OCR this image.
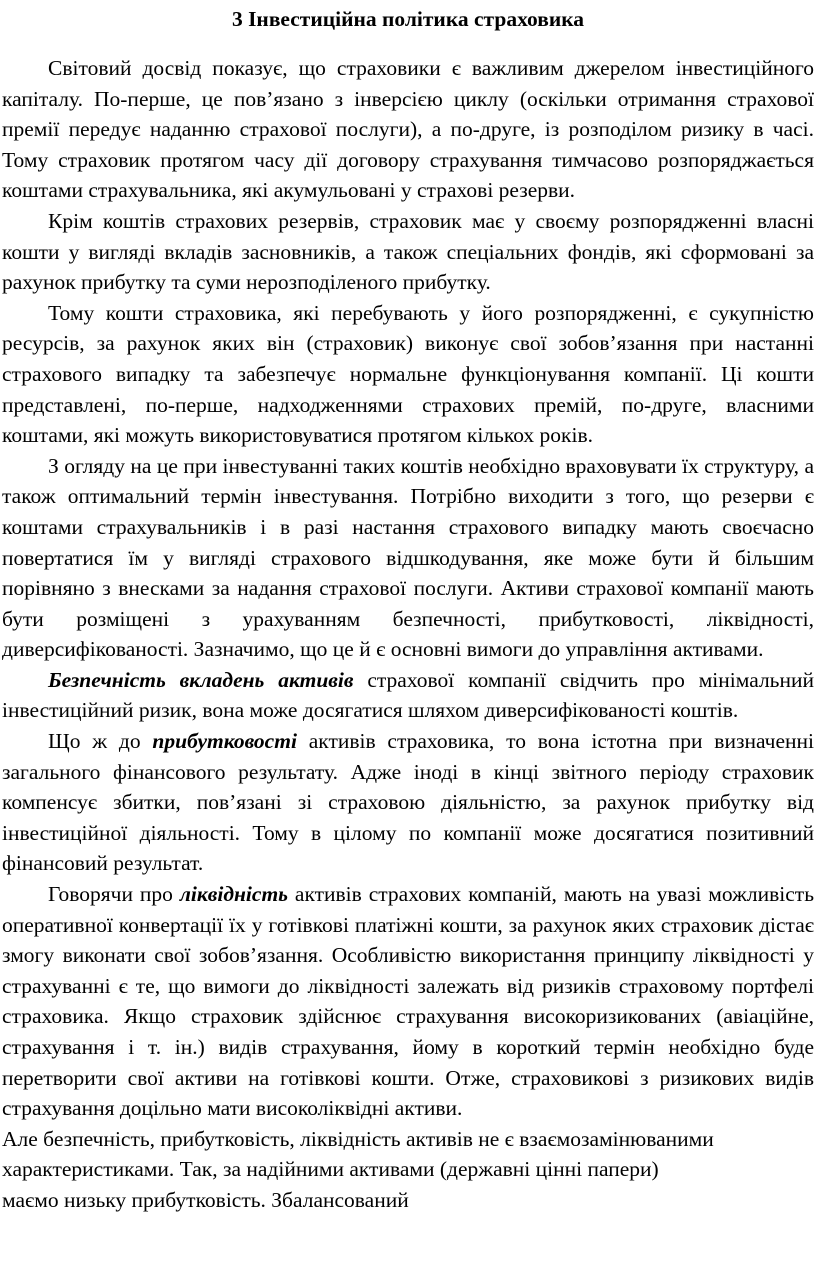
3 Інвестиційна політика страховика

Світовий досвід показує, що страховики є важливим джерелом інвестиційного капіталу. По-перше, це пов’язано з інверсією циклу (оскільки отримання страхової премії передує наданню страхової послуги), а по-друге, із розподілом ризику в часі. Тому страховик протягом часу дії договору страхування тимчасово розпоряджається коштами страхувальника, які акумульовані у страхові резерви.

Крім коштів страхових резервів, страховик має у своєму розпорядженні власні кошти у вигляді вкладів засновників, а також спеціальних фондів, які сформовані за рахунок прибутку та суми нерозподіленого прибутку.

Тому кошти страховика, які перебувають у його розпорядженні, є сукупністю ресурсів, за рахунок яких він (страховик) виконує свої зобов’язання при настанні страхового випадку та забезпечує нормальне функціонування компанії. Ці кошти представлені, по-перше, надходженнями страхових премій, по-друге, власними коштами, які можуть використовуватися протягом кількох років.

З огляду на це при інвестуванні таких коштів необхідно враховувати їх структуру, а також оптимальний термін інвестування. Потрібно виходити з того, що резерви є коштами страхувальників і в разі настання страхового випадку мають своєчасно повертатися їм у вигляді страхового відшкодування, яке може бути й більшим порівняно з внесками за надання страхової послуги. Активи страхової компанії мають бути розміщені з урахуванням безпечності, прибутковості, ліквідності, диверсифікованості. Зазначимо, що це й є основні вимоги до управління активами.

Безпечність вкладень активів страхової компанії свідчить про мінімальний інвестиційний ризик, вона може досягатися шляхом диверсифікованості коштів.

Що ж до прибутковості активів страховика, то вона істотна при визначенні загального фінансового результату. Адже іноді в кінці звітного періоду страховик компенсує збитки, пов’язані зі страховою діяльністю, за рахунок прибутку від інвестиційної діяльності. Тому в цілому по компанії може досягатися позитивний фінансовий результат.

Говорячи про ліквідність активів страхових компаній, мають на увазі можливість оперативної конвертації їх у готівкові платіжні кошти, за рахунок яких страховик дістає змогу виконати свої зобов’язання. Особливістю використання принципу ліквідності у страхуванні є те, що вимоги до ліквідності залежать від ризиків страховому портфелі страховика. Якщо страховик здійснює страхування високоризикованих (авіаційне, страхування і т. ін.) видів страхування, йому в короткий термін необхідно буде перетворити свої активи на готівкові кошти. Отже, страховикові з ризикових видів страхування доцільно мати високоліквідні активи.

Але безпечність, прибутковість, ліквідність активів не є взаємозамінюваними
характеристиками. Так, за надійними активами (державні цінні папери)
маємо низьку прибутковість. Збалансований
